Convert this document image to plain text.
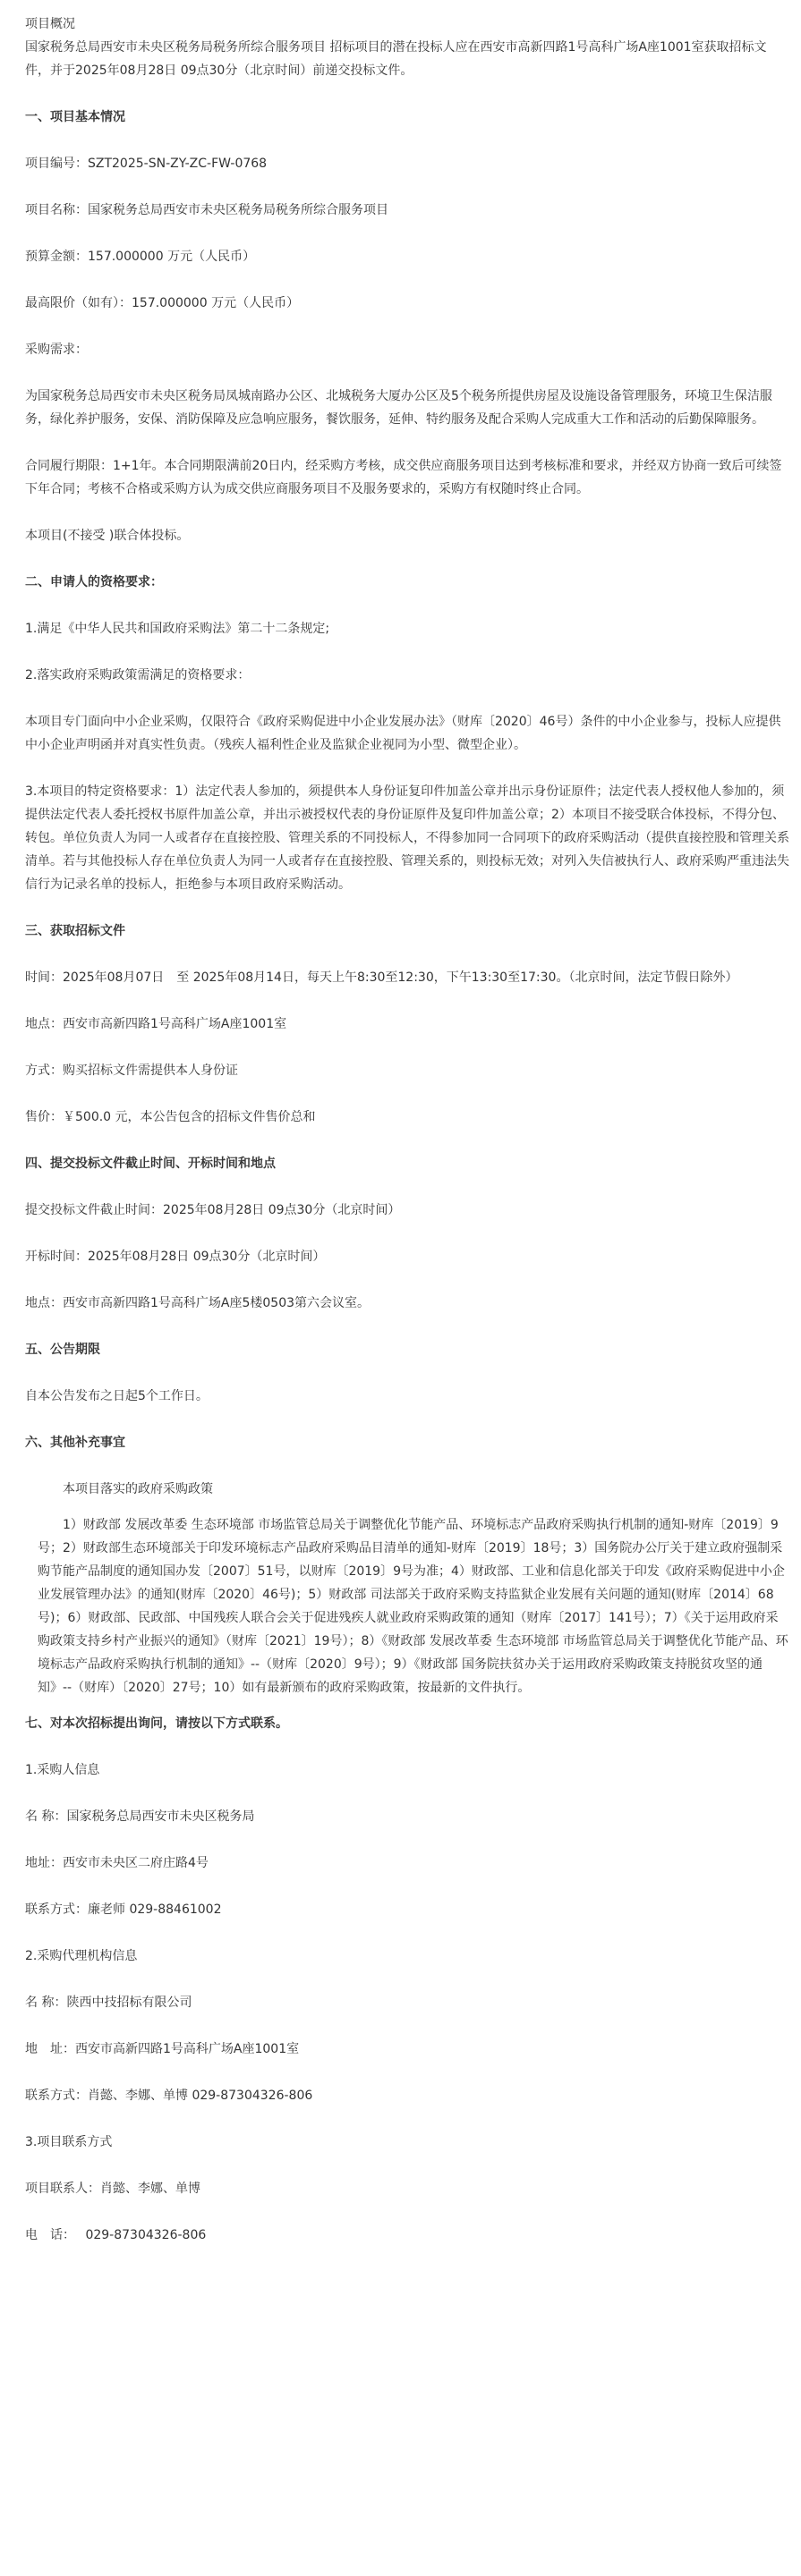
项目概况

国家税务总局西安市未央区税务局税务所综合服务项目 招标项目的潜在投标人应在西安市高新四路1号高科广场A座1001室获取招标文件，并于2025年08月28日 09点30分（北京时间）前递交投标文件。

一、项目基本情况

项目编号：SZT2025-SN-ZY-ZC-FW-0768

项目名称：国家税务总局西安市未央区税务局税务所综合服务项目

预算金额：157.000000 万元（人民币）

最高限价（如有）：157.000000 万元（人民币）

采购需求：

为国家税务总局西安市未央区税务局凤城南路办公区、北城税务大厦办公区及5个税务所提供房屋及设施设备管理服务，环境卫生保洁服务，绿化养护服务，安保、消防保障及应急响应服务，餐饮服务，延伸、特约服务及配合采购人完成重大工作和活动的后勤保障服务。

合同履行期限：1+1年。本合同期限满前20日内，经采购方考核，成交供应商服务项目达到考核标准和要求，并经双方协商一致后可续签下年合同；考核不合格或采购方认为成交供应商服务项目不及服务要求的，采购方有权随时终止合同。

本项目(不接受 )联合体投标。

二、申请人的资格要求：

1.满足《中华人民共和国政府采购法》第二十二条规定;

2.落实政府采购政策需满足的资格要求：

本项目专门面向中小企业采购，仅限符合《政府采购促进中小企业发展办法》（财库〔2020〕46号）条件的中小企业参与，投标人应提供中小企业声明函并对真实性负责。（残疾人福利性企业及监狱企业视同为小型、微型企业）。

3.本项目的特定资格要求：1）法定代表人参加的，须提供本人身份证复印件加盖公章并出示身份证原件；法定代表人授权他人参加的，须提供法定代表人委托授权书原件加盖公章，并出示被授权代表的身份证原件及复印件加盖公章；2）本项目不接受联合体投标，不得分包、转包。单位负责人为同一人或者存在直接控股、管理关系的不同投标人，不得参加同一合同项下的政府采购活动（提供直接控股和管理关系清单。若与其他投标人存在单位负责人为同一人或者存在直接控股、管理关系的，则投标无效；对列入失信被执行人、政府采购严重违法失信行为记录名单的投标人，拒绝参与本项目政府采购活动。

三、获取招标文件

时间：2025年08月07日　至 2025年08月14日，每天上午8:30至12:30，下午13:30至17:30。（北京时间，法定节假日除外）

地点：西安市高新四路1号高科广场A座1001室

方式：购买招标文件需提供本人身份证

售价：￥500.0 元，本公告包含的招标文件售价总和

四、提交投标文件截止时间、开标时间和地点

提交投标文件截止时间：2025年08月28日 09点30分（北京时间）

开标时间：2025年08月28日 09点30分（北京时间）

地点：西安市高新四路1号高科广场A座5楼0503第六会议室。

五、公告期限

自本公告发布之日起5个工作日。

六、其他补充事宜

本项目落实的政府采购政策

1）财政部 发展改革委 生态环境部 市场监管总局关于调整优化节能产品、环境标志产品政府采购执行机制的通知-财库〔2019〕9号；2）财政部生态环境部关于印发环境标志产品政府采购品目清单的通知-财库〔2019〕18号；3）国务院办公厅关于建立政府强制采购节能产品制度的通知国办发〔2007〕51号，以财库〔2019〕9号为准；4）财政部、工业和信息化部关于印发《政府采购促进中小企业发展管理办法》的通知(财库〔2020〕46号)；5）财政部 司法部关于政府采购支持监狱企业发展有关问题的通知(财库〔2014〕68号)；6）财政部、民政部、中国残疾人联合会关于促进残疾人就业政府采购政策的通知（财库〔2017〕141号）；7）《关于运用政府采购政策支持乡村产业振兴的通知》（财库〔2021〕19号）；8）《财政部 发展改革委 生态环境部 市场监管总局关于调整优化节能产品、环境标志产品政府采购执行机制的通知》--（财库〔2020〕9号）；9）《财政部 国务院扶贫办关于运用政府采购政策支持脱贫攻坚的通知》--（财库）〔2020〕27号；10）如有最新颁布的政府采购政策，按最新的文件执行。

七、对本次招标提出询问，请按以下方式联系。

1.采购人信息

名 称：国家税务总局西安市未央区税务局

地址：西安市未央区二府庄路4号

联系方式：廉老师 029-88461002

2.采购代理机构信息

名 称：陕西中技招标有限公司

地　址：西安市高新四路1号高科广场A座1001室

联系方式：肖懿、李娜、单博 029-87304326-806

3.项目联系方式

项目联系人：肖懿、李娜、单博

电　话：　 029-87304326-806
